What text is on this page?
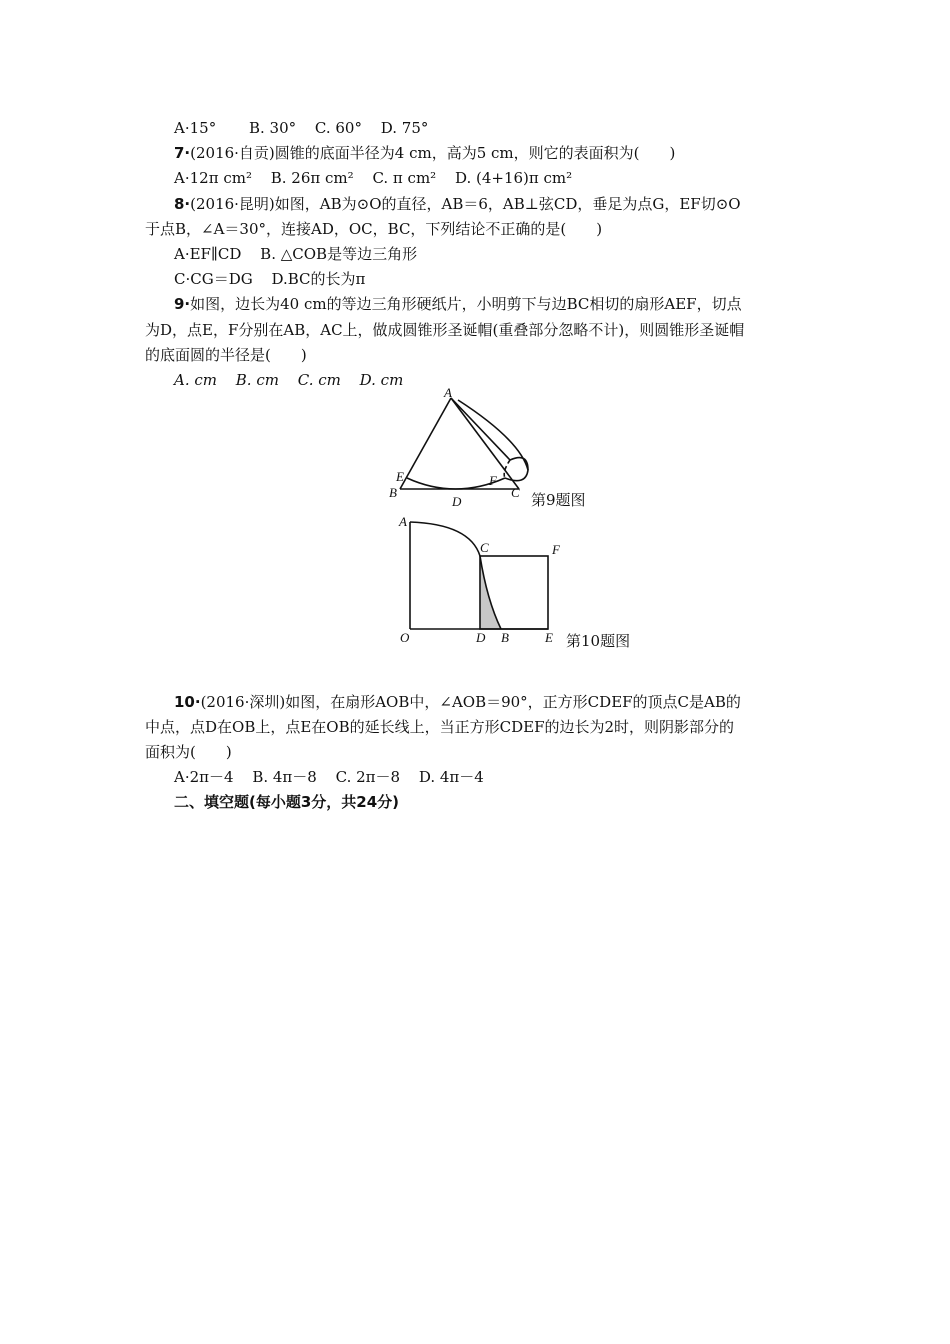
A·15° B. 30° C. 60° D. 75°
7·(2016·自贡)圆锥的底面半径为4 cm，高为5 cm，则它的表面积为(　　)
A·12π cm² B. 26π cm² C. π cm² D. (4+16)π cm²
8·(2016·昆明)如图，AB为⊙O的直径，AB＝6，AB⊥弦CD，垂足为点G，EF切⊙O
于点B，∠A＝30°，连接AD，OC，BC，下列结论不正确的是(　　)
A·EF∥CD B. △COB是等边三角形
C·CG＝DG D.BC的长为π
9·如图，边长为40 cm的等边三角形硬纸片，小明剪下与边BC相切的扇形AEF，切点
为D，点E，F分别在AB，AC上，做成圆锥形圣诞帽(重叠部分忽略不计)，则圆锥形圣诞帽
的底面圆的半径是(　　)
A. cm B. cm C. cm D. cm
A
B	C
D
E	F
第9题图
A
B
C
D	E
F
O	第10题图
10·(2016·深圳)如图，在扇形AOB中，∠AOB＝90°，正方形CDEF的顶点C是AB的
中点，点D在OB上，点E在OB的延长线上，当正方形CDEF的边长为2时，则阴影部分的
面积为(　　)
A·2π－4 B. 4π－8 C. 2π－8 D. 4π－4
二、填空题(每小题3分，共24分)
